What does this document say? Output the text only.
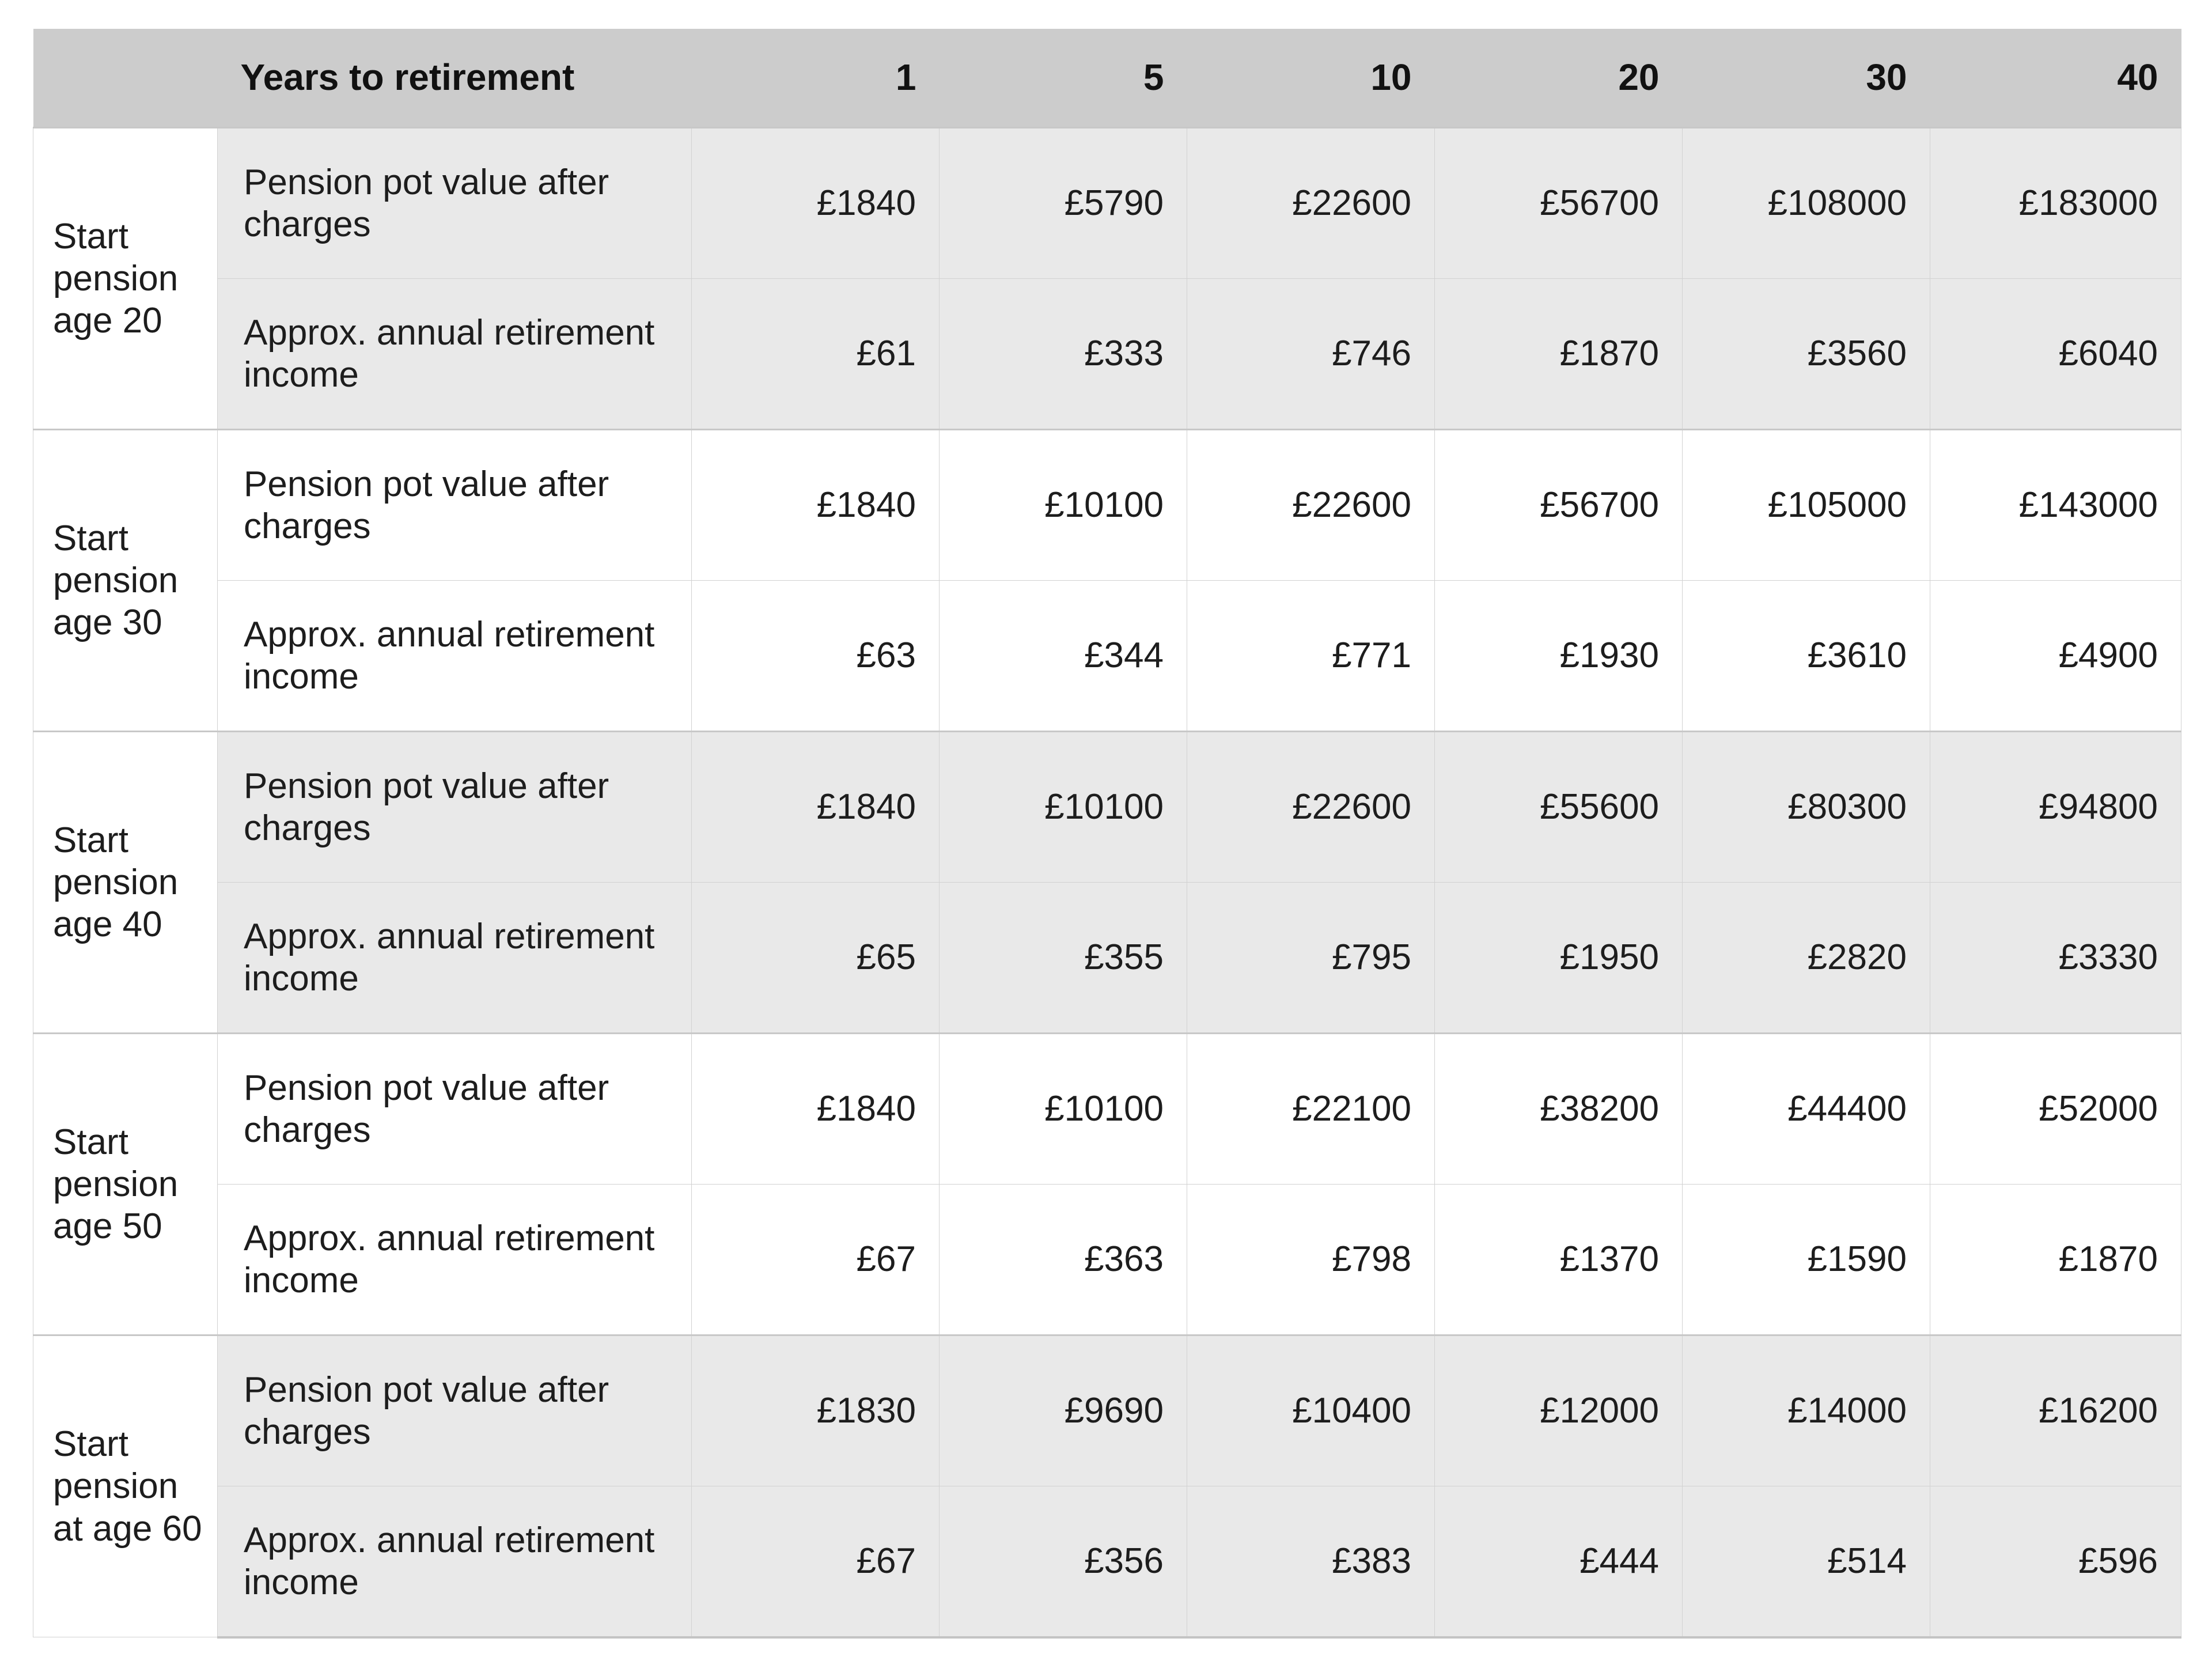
	Years to retirement	1	5	10	20	30	40
Start pension age 20	Pension pot value after charges	£1840	£5790	£22600	£56700	£108000	£183000
	Approx. annual retirement income	£61	£333	£746	£1870	£3560	£6040
Start pension age 30	Pension pot value after charges	£1840	£10100	£22600	£56700	£105000	£143000
	Approx. annual retirement income	£63	£344	£771	£1930	£3610	£4900
Start pension age 40	Pension pot value after charges	£1840	£10100	£22600	£55600	£80300	£94800
	Approx. annual retirement income	£65	£355	£795	£1950	£2820	£3330
Start pension age 50	Pension pot value after charges	£1840	£10100	£22100	£38200	£44400	£52000
	Approx. annual retirement income	£67	£363	£798	£1370	£1590	£1870
Start pension at age 60	Pension pot value after charges	£1830	£9690	£10400	£12000	£14000	£16200
	Approx. annual retirement income	£67	£356	£383	£444	£514	£596
